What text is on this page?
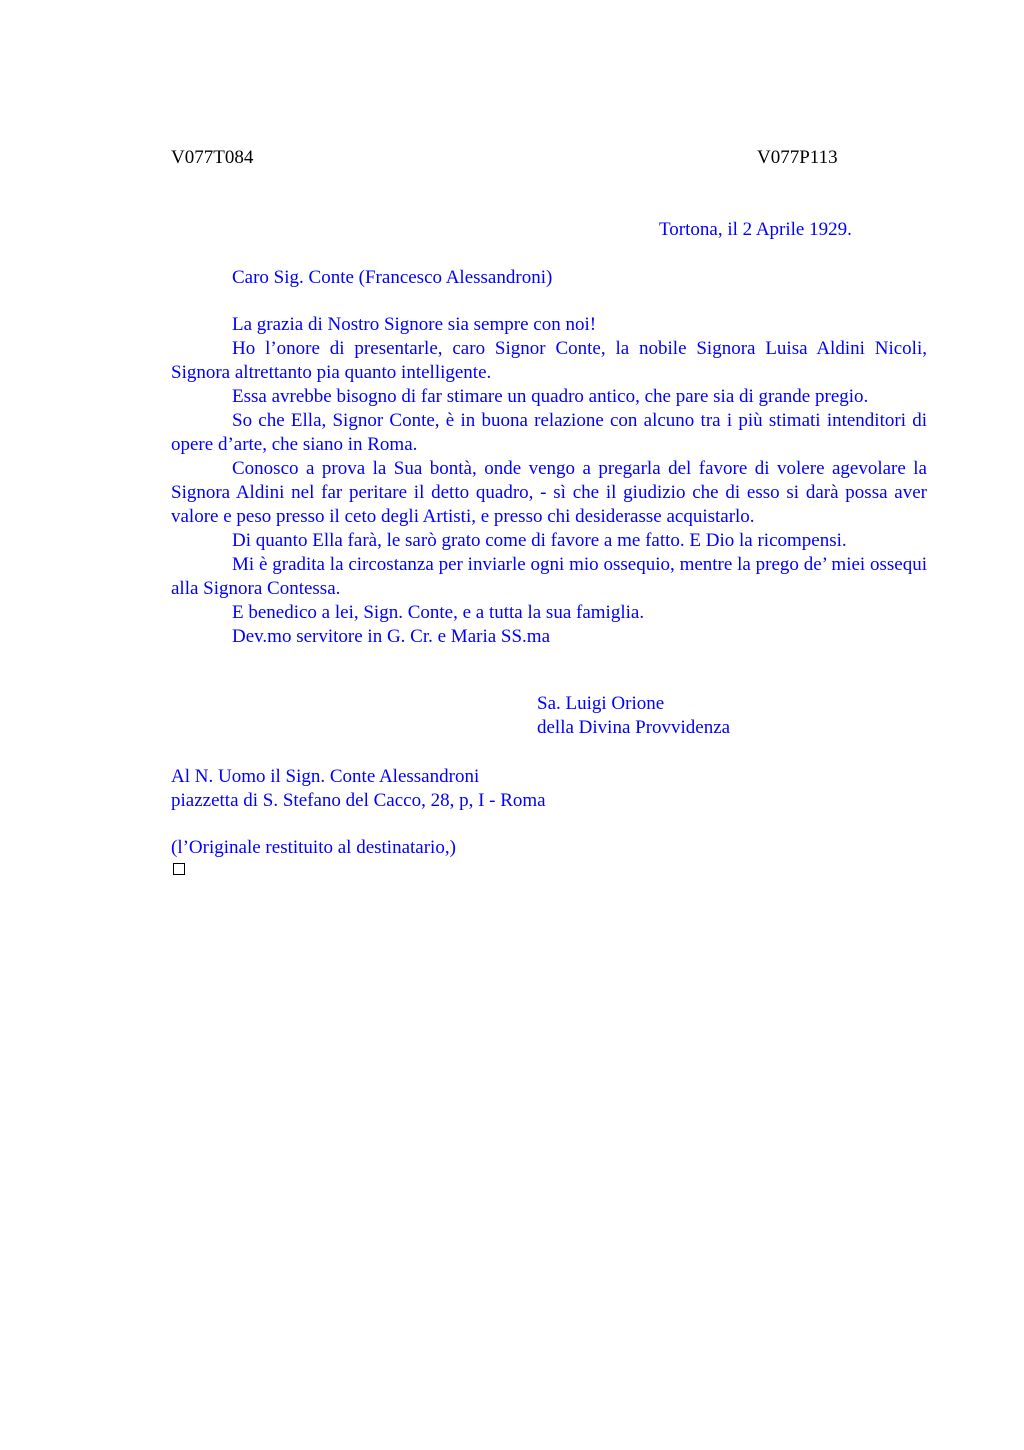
V077T084	V077P113
Tortona, il 2 Aprile 1929.
Caro Sig. Conte (Francesco Alessandroni)

La grazia di Nostro Signore sia sempre con noi!

Ho l’onore di presentarle, caro Signor Conte, la nobile Signora Luisa Aldini Nicoli, Signora altrettanto pia quanto intelligente.

Essa avrebbe bisogno di far stimare un quadro antico, che pare sia di grande pregio.

So che Ella, Signor Conte, è in buona relazione con alcuno tra i più stimati intenditori di opere d’arte, che siano in Roma.

Conosco a prova la Sua bontà, onde vengo a pregarla del favore di volere agevolare la Signora Aldini nel far peritare il detto quadro, - sì che il giudizio che di esso si darà possa aver valore e peso presso il ceto degli Artisti, e presso chi desiderasse acquistarlo.

Di quanto Ella farà, le sarò grato come di favore a me fatto. E Dio la ricompensi.

Mi è gradita la circostanza per inviarle ogni mio ossequio, mentre la prego de’ miei ossequi alla Signora Contessa.

E benedico a lei, Sign. Conte, e a tutta la sua famiglia.

Dev.mo servitore in G. Cr. e Maria SS.ma

Sa. Luigi Orione
della Divina Provvidenza
Al N. Uomo il Sign. Conte Alessandroni
piazzetta di S. Stefano del Cacco, 28, p, I - Roma
(l’Originale restituito al destinatario,)
